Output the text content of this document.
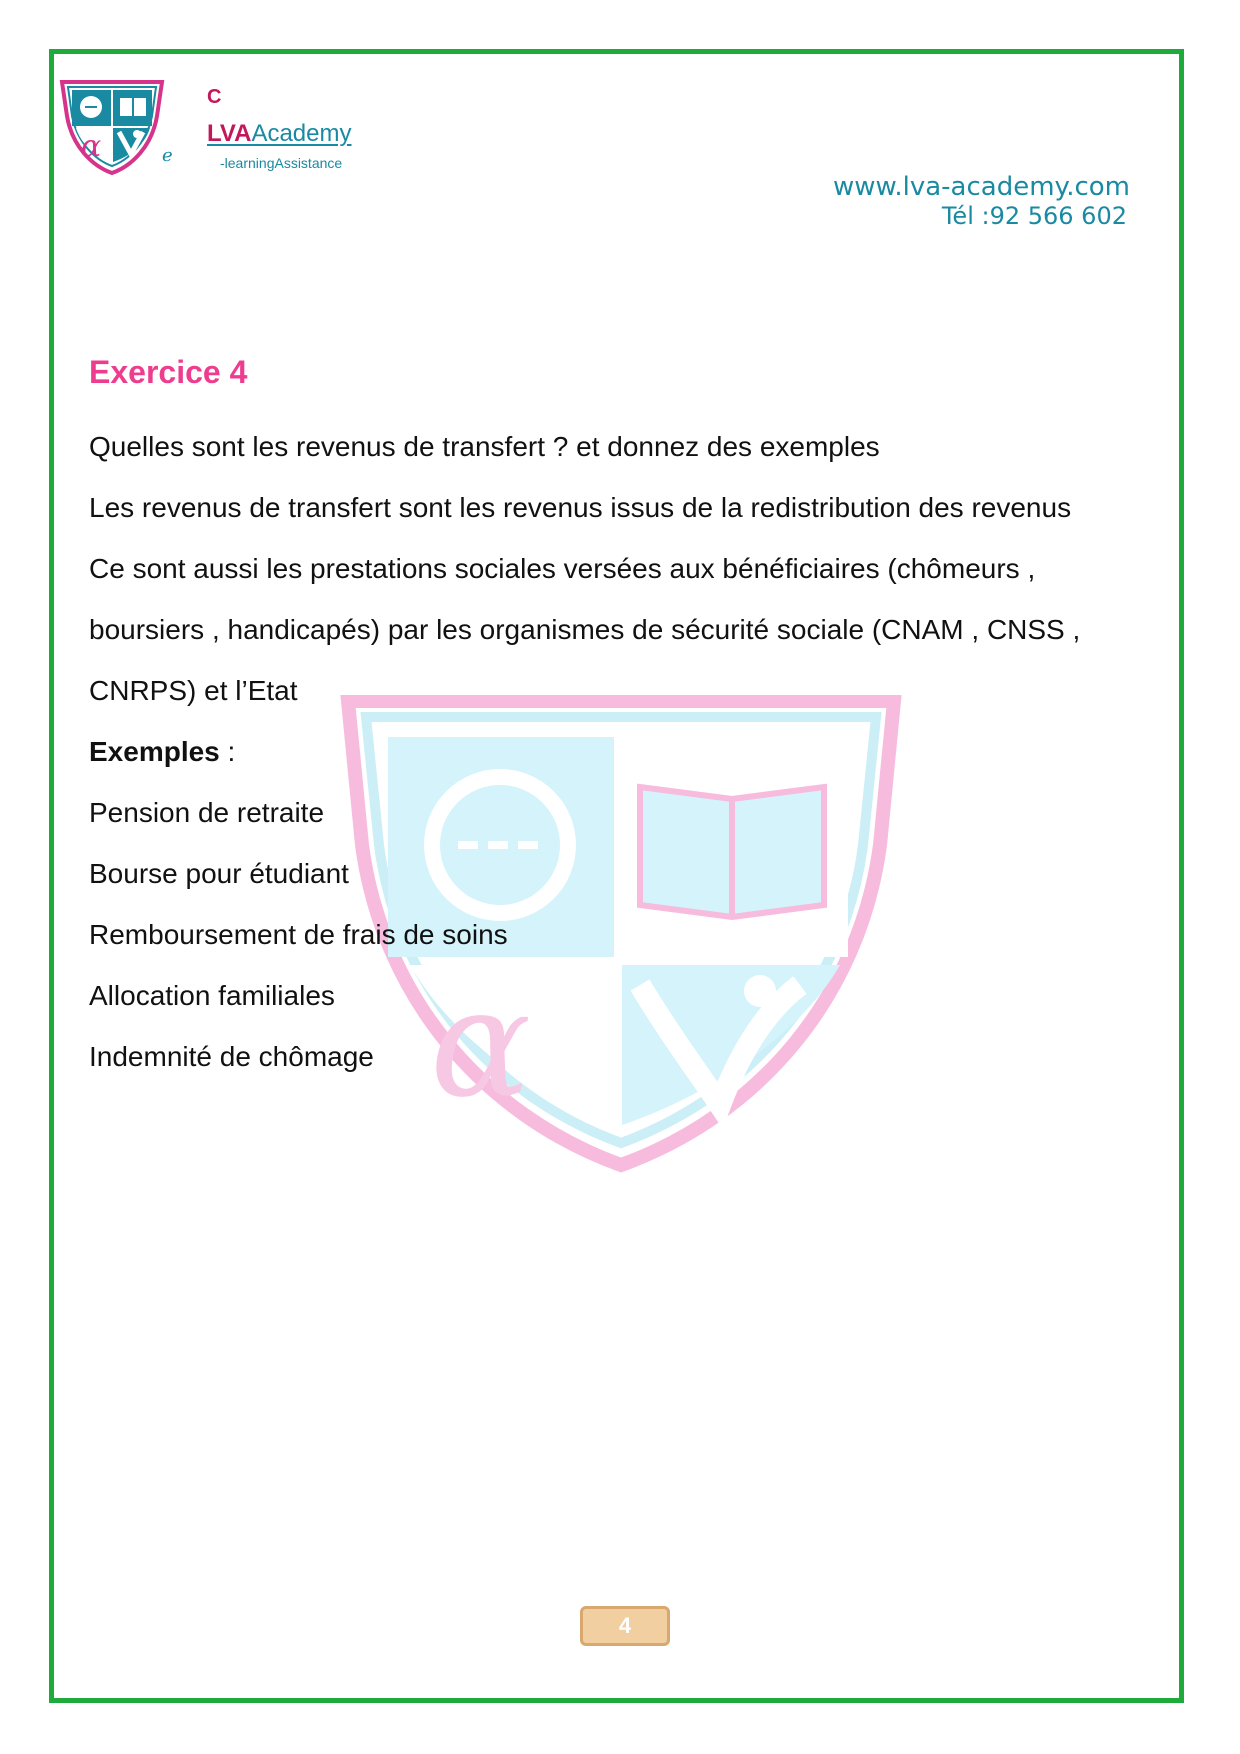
α	e
C
LVAAcademy
-learningAssistance
www.lva-academy.com
Tél :92 566 602
α
Exercice 4

Quelles sont les revenus de transfert ? et donnez des exemples

Les revenus de transfert sont les revenus issus de la redistribution des revenus

Ce sont aussi les prestations sociales versées aux bénéficiaires (chômeurs ,

boursiers , handicapés) par les organismes de sécurité sociale (CNAM , CNSS ,

CNRPS) et l’Etat

Exemples :

Pension de retraite

Bourse pour étudiant

Remboursement de frais de soins

Allocation familiales

Indemnité de chômage

4
